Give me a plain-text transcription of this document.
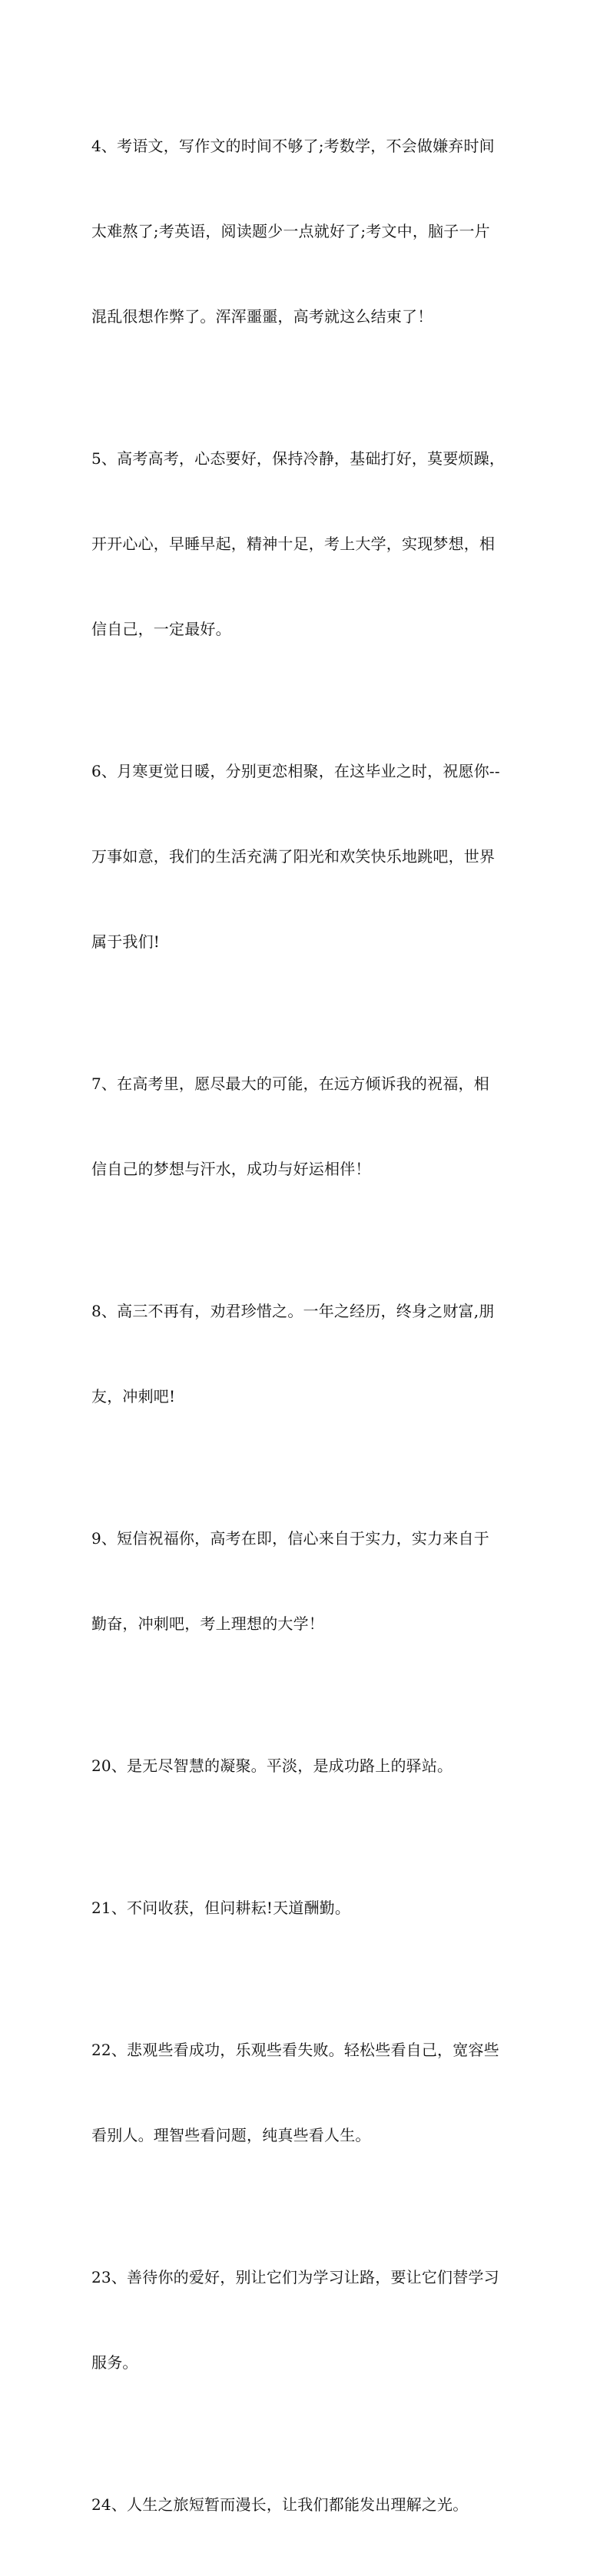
4、考语文，写作文的时间不够了;考数学，不会做嫌弃时间

太难熬了;考英语，阅读题少一点就好了;考文中，脑子一片

混乱很想作弊了。浑浑噩噩，高考就这么结束了！

5、高考高考，心态要好，保持冷静，基础打好，莫要烦躁，

开开心心，早睡早起，精神十足，考上大学，实现梦想，相

信自己，一定最好。

6、月寒更觉日暖，分别更恋相聚，在这毕业之时，祝愿你--

万事如意，我们的生活充满了阳光和欢笑快乐地跳吧，世界

属于我们!

7、在高考里，愿尽最大的可能，在远方倾诉我的祝福，相

信自己的梦想与汗水，成功与好运相伴！

8、高三不再有，劝君珍惜之。一年之经历，终身之财富,朋

友，冲刺吧!

9、短信祝福你，高考在即，信心来自于实力，实力来自于

勤奋，冲刺吧，考上理想的大学！

20、是无尽智慧的凝聚。平淡，是成功路上的驿站。

21、不问收获，但问耕耘!天道酬勤。

22、悲观些看成功，乐观些看失败。轻松些看自己，宽容些

看别人。理智些看问题，纯真些看人生。

23、善待你的爱好，别让它们为学习让路，要让它们替学习

服务。

24、人生之旅短暂而漫长，让我们都能发出理解之光。
